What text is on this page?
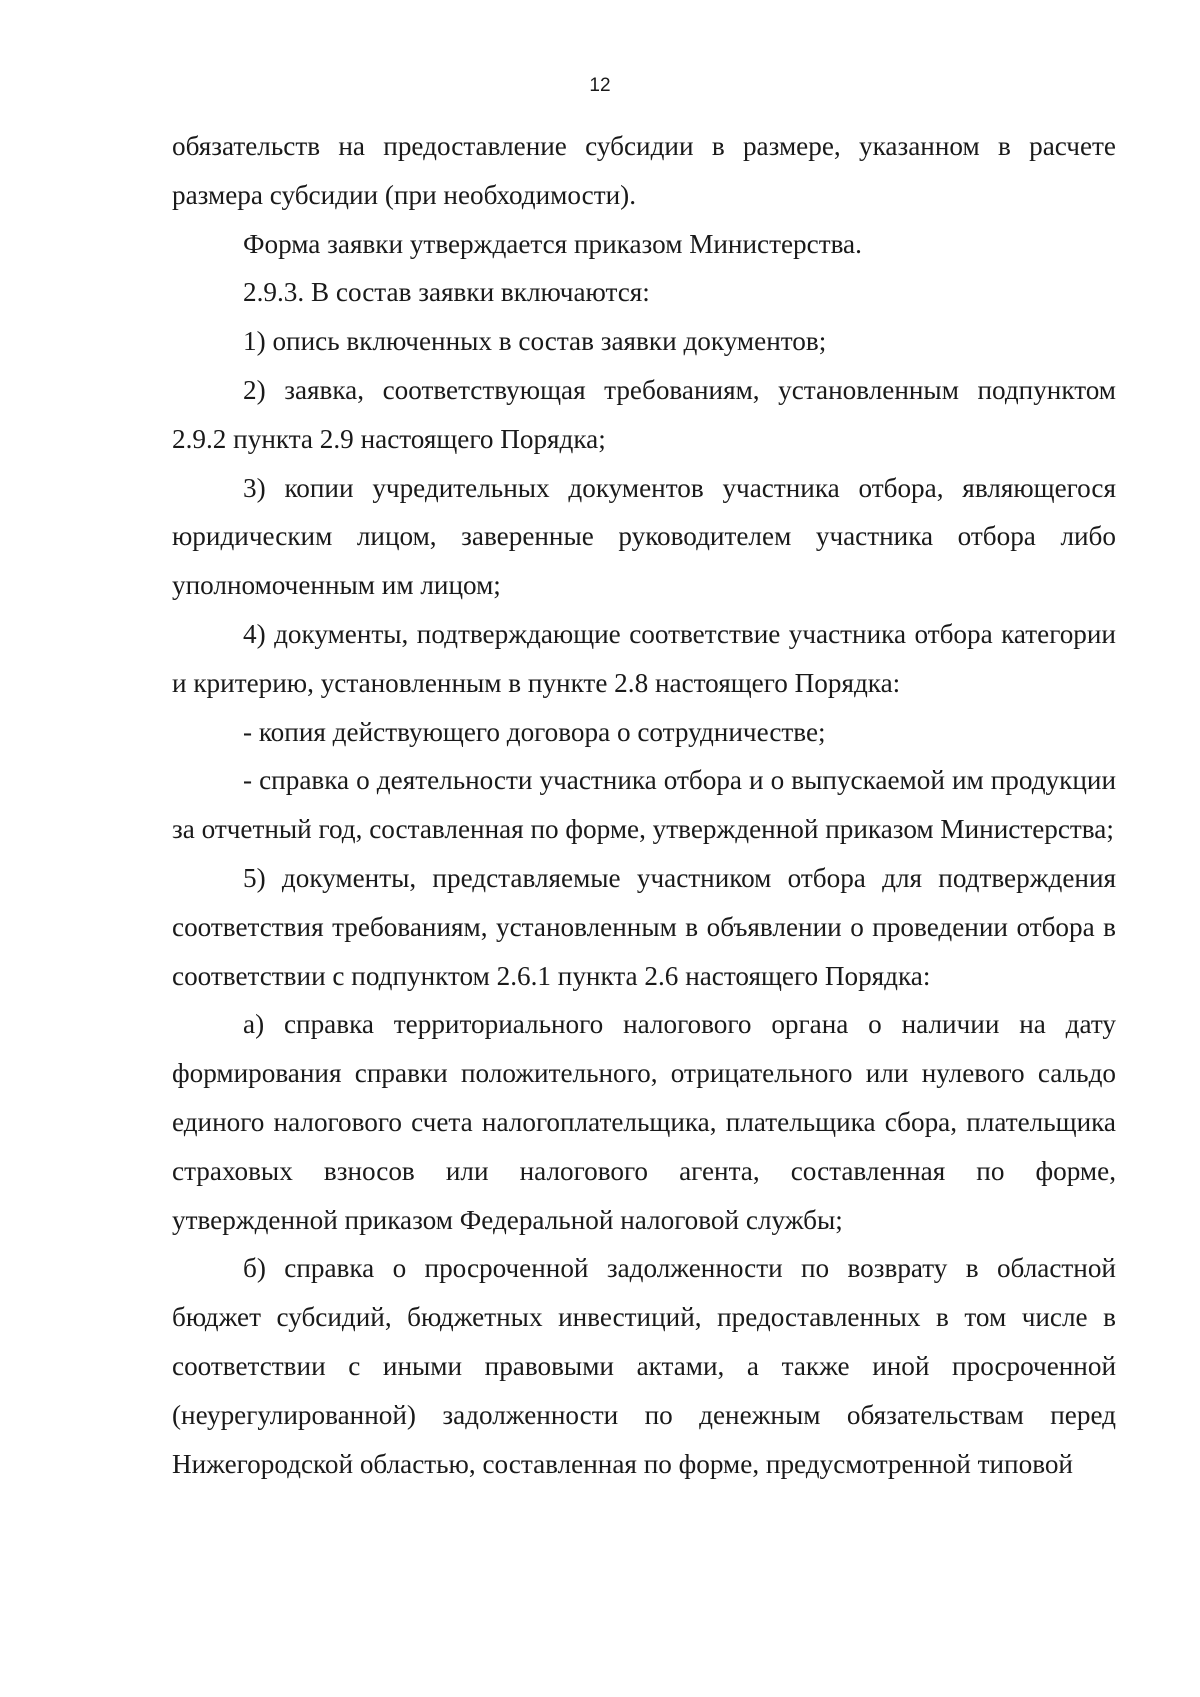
12

обязательств на предоставление субсидии в размере, указанном в расчете размера субсидии (при необходимости).

Форма заявки утверждается приказом Министерства.

2.9.3. В состав заявки включаются:

1) опись включенных в состав заявки документов;

2) заявка, соответствующая требованиям, установленным подпунктом 2.9.2 пункта 2.9 настоящего Порядка;

3) копии учредительных документов участника отбора, являющегося юридическим лицом, заверенные руководителем участника отбора либо уполномоченным им лицом;

4) документы, подтверждающие соответствие участника отбора категории и критерию, установленным в пункте 2.8 настоящего Порядка:

- копия действующего договора о сотрудничестве;

- справка о деятельности участника отбора и о выпускаемой им продукции за отчетный год, составленная по форме, утвержденной приказом Министерства;

5) документы, представляемые участником отбора для подтверждения соответствия требованиям, установленным в объявлении о проведении отбора в соответствии с подпунктом 2.6.1 пункта 2.6 настоящего Порядка:

а) справка территориального налогового органа о наличии на дату формирования справки положительного, отрицательного или нулевого сальдо единого налогового счета налогоплательщика, плательщика сбора, плательщика страховых взносов или налогового агента, составленная по форме, утвержденной приказом Федеральной налоговой службы;

б) справка о просроченной задолженности по возврату в областной бюджет субсидий, бюджетных инвестиций, предоставленных в том числе в соответствии с иными правовыми актами, а также иной просроченной (неурегулированной) задолженности по денежным обязательствам перед Нижегородской областью, составленная по форме, предусмотренной типовой
